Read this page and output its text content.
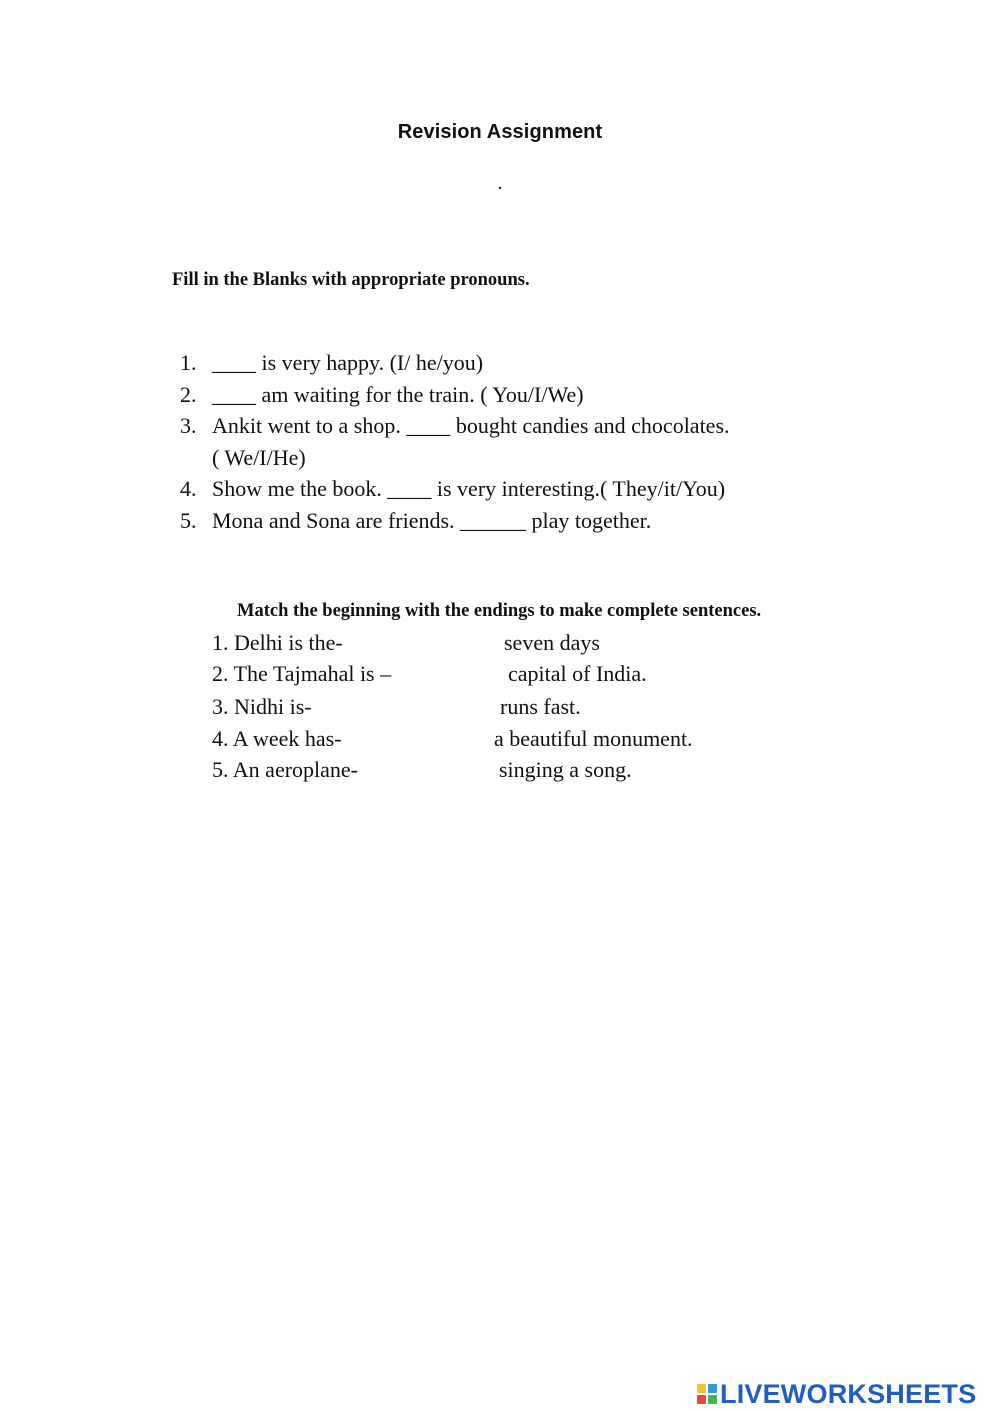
Revision Assignment
.
Fill in the Blanks with appropriate pronouns.
1. ____ is very happy. (I/ he/you)
2. ____ am waiting for the train. ( You/I/We)
3. Ankit went to a shop. ____ bought candies and chocolates.
( We/I/He)
4. Show me the book. ____ is very interesting.( They/it/You)
5. Mona and Sona are friends. ______ play together.
Match the beginning with the endings to make complete sentences.
1. Delhi is the-	seven days
2. The Tajmahal is –	capital of India.
3. Nidhi is-	runs fast.
4. A week has-	a beautiful monument.
5. An aeroplane-	singing a song.
LIVEWORKSHEETS
